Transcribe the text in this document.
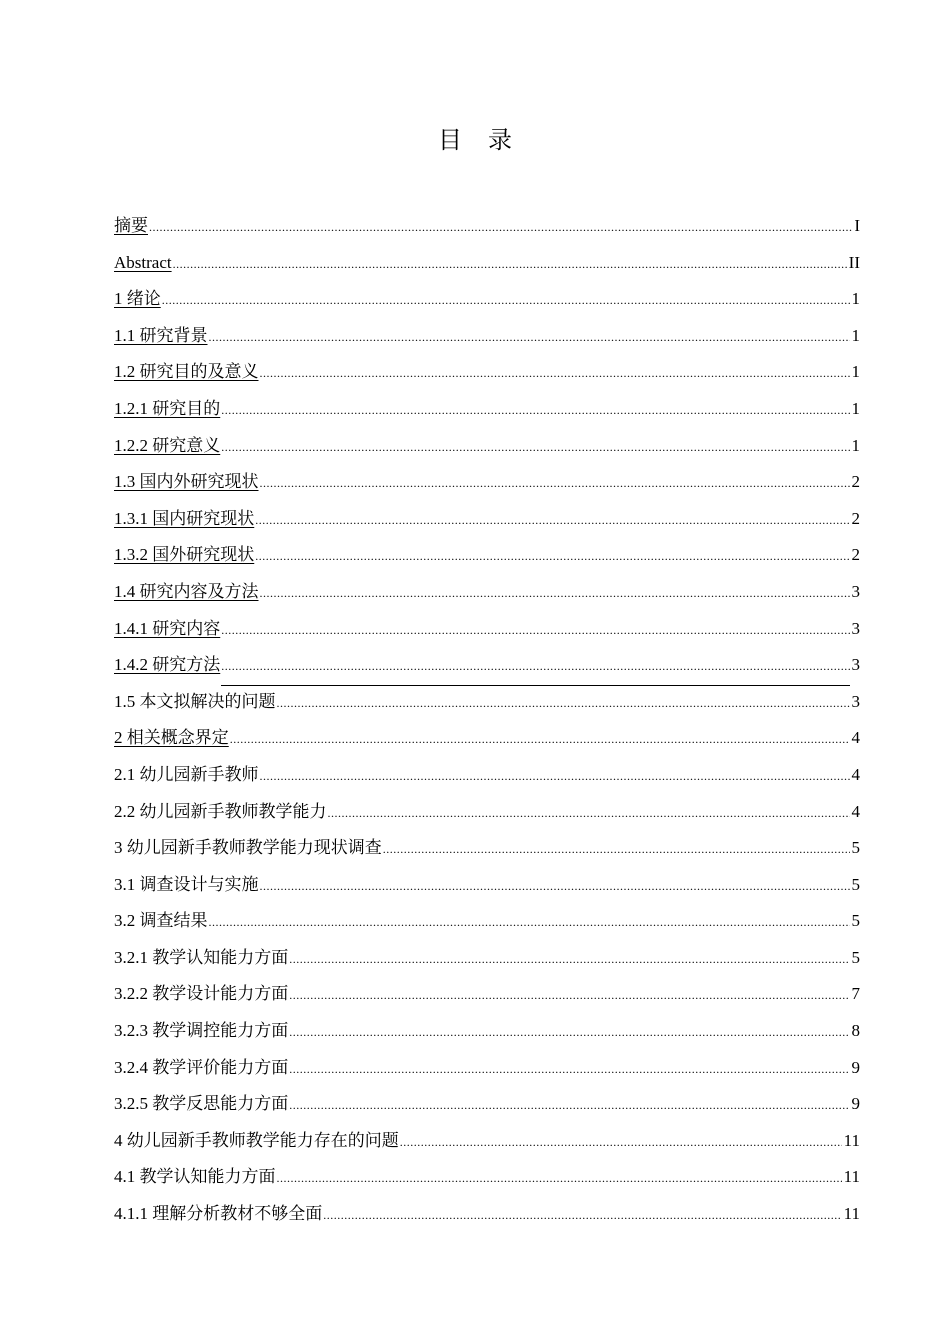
目 录
摘要 .....	I
Abstract .....	II
1 绪论 .....	1
1.1 研究背景 .....	1
1.2 研究目的及意义 .....	1
1.2.1 研究目的 .....	1
1.2.2 研究意义 .....	1
1.3 国内外研究现状 .....	2
1.3.1 国内研究现状 .....	2
1.3.2 国外研究现状 .....	2
1.4 研究内容及方法 .....	3
1.4.1 研究内容 .....	3
1.4.2 研究方法 .....	3
1.5 本文拟解决的问题 .....	3
2 相关概念界定 .....	4
2.1 幼儿园新手教师 .....	4
2.2 幼儿园新手教师教学能力 .....	4
3 幼儿园新手教师教学能力现状调查 .....	5
3.1 调查设计与实施 .....	5
3.2 调查结果 .....	5
3.2.1 教学认知能力方面 .....	5
3.2.2 教学设计能力方面 .....	7
3.2.3 教学调控能力方面 .....	8
3.2.4 教学评价能力方面 .....	9
3.2.5 教学反思能力方面 .....	9
4 幼儿园新手教师教学能力存在的问题 .....	11
4.1 教学认知能力方面 .....	11
4.1.1 理解分析教材不够全面 .....	11
